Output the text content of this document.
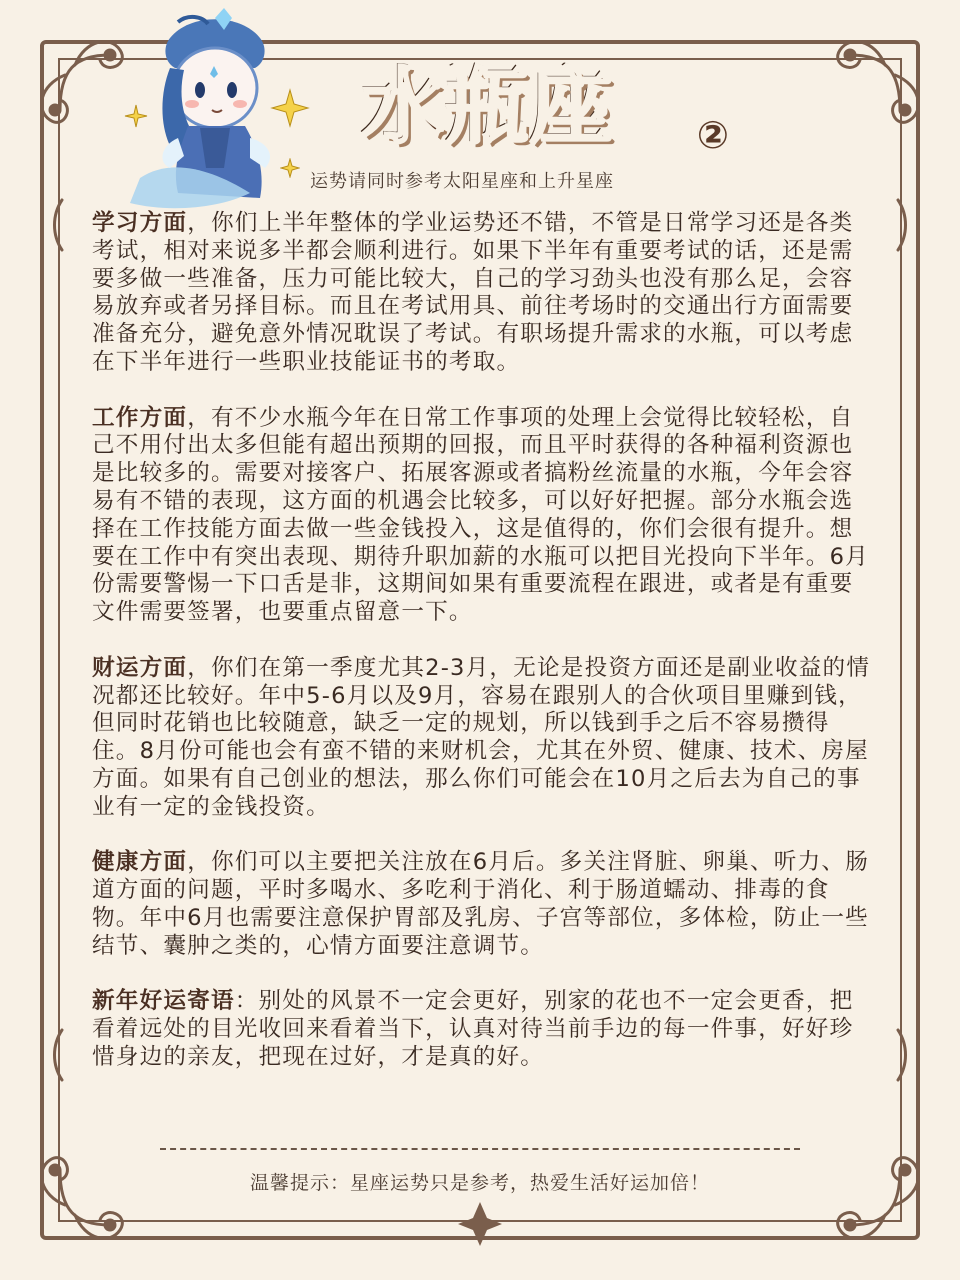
水瓶座	②
运势请同时参考太阳星座和上升星座

学习方面，你们上半年整体的学业运势还不错，不管是日常学习还是各类考试，相对来说多半都会顺利进行。如果下半年有重要考试的话，还是需要多做一些准备，压力可能比较大，自己的学习劲头也没有那么足，会容易放弃或者另择目标。而且在考试用具、前往考场时的交通出行方面需要准备充分，避免意外情况耽误了考试。有职场提升需求的水瓶，可以考虑在下半年进行一些职业技能证书的考取。

工作方面，有不少水瓶今年在日常工作事项的处理上会觉得比较轻松，自己不用付出太多但能有超出预期的回报，而且平时获得的各种福利资源也是比较多的。需要对接客户、拓展客源或者搞粉丝流量的水瓶，今年会容易有不错的表现，这方面的机遇会比较多，可以好好把握。部分水瓶会选择在工作技能方面去做一些金钱投入，这是值得的，你们会很有提升。想要在工作中有突出表现、期待升职加薪的水瓶可以把目光投向下半年。6月份需要警惕一下口舌是非，这期间如果有重要流程在跟进，或者是有重要文件需要签署，也要重点留意一下。

财运方面，你们在第一季度尤其2-3月，无论是投资方面还是副业收益的情况都还比较好。年中5-6月以及9月，容易在跟别人的合伙项目里赚到钱，但同时花销也比较随意，缺乏一定的规划，所以钱到手之后不容易攒得住。8月份可能也会有蛮不错的来财机会，尤其在外贸、健康、技术、房屋方面。如果有自己创业的想法，那么你们可能会在10月之后去为自己的事业有一定的金钱投资。

健康方面，你们可以主要把关注放在6月后。多关注肾脏、卵巢、听力、肠道方面的问题，平时多喝水、多吃利于消化、利于肠道蠕动、排毒的食物。年中6月也需要注意保护胃部及乳房、子宫等部位，多体检，防止一些结节、囊肿之类的，心情方面要注意调节。

新年好运寄语：别处的风景不一定会更好，别家的花也不一定会更香，把看着远处的目光收回来看着当下，认真对待当前手边的每一件事，好好珍惜身边的亲友，把现在过好，才是真的好。

温馨提示：星座运势只是参考，热爱生活好运加倍！
